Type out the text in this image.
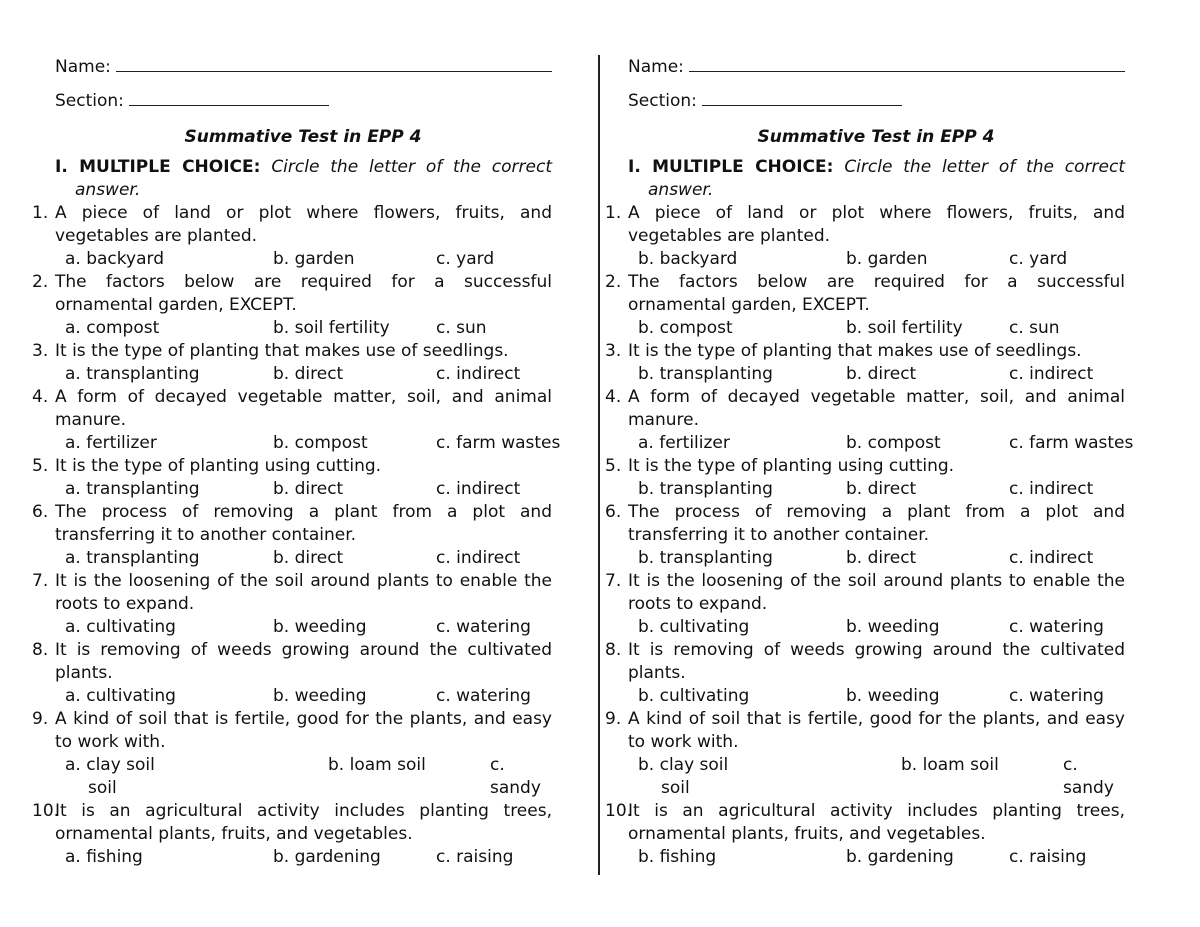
Name:
Section:
Summative Test in EPP 4
I. MULTIPLE CHOICE: Circle the letter of the correct answer.
1. A piece of land or plot where flowers, fruits, and vegetables are planted.
a. backyard	b. garden	c. yard
2. The factors below are required for a successful ornamental garden, EXCEPT.
a. compost	b. soil fertility	c. sun
3. It is the type of planting that makes use of seedlings.
a. transplanting	b. direct	c. indirect
4. A form of decayed vegetable matter, soil, and animal manure.
a. fertilizer	b. compost	c. farm wastes
5. It is the type of planting using cutting.
a. transplanting	b. direct	c. indirect
6. The process of removing a plant from a plot and transferring it to another container.
a. transplanting	b. direct	c. indirect
7. It is the loosening of the soil around plants to enable the roots to expand.
a. cultivating	b. weeding	c. watering
8. It is removing of weeds growing around the cultivated plants.
a. cultivating	b. weeding	c. watering
9. A kind of soil that is fertile, good for the plants, and easy to work with.
a. clay soil	b. loam soil	c. sandy
soil
10.
It is an agricultural activity includes planting trees, ornamental plants, fruits, and vegetables.
a. fishing	b. gardening	c. raising
Name:
Section:
Summative Test in EPP 4
I. MULTIPLE CHOICE: Circle the letter of the correct answer.
1. A piece of land or plot where flowers, fruits, and vegetables are planted.
b. backyard	b. garden	c. yard
2. The factors below are required for a successful ornamental garden, EXCEPT.
b. compost	b. soil fertility	c. sun
3. It is the type of planting that makes use of seedlings.
b. transplanting	b. direct	c. indirect
4. A form of decayed vegetable matter, soil, and animal manure.
a. fertilizer	b. compost	c. farm wastes
5. It is the type of planting using cutting.
b. transplanting	b. direct	c. indirect
6. The process of removing a plant from a plot and transferring it to another container.
b. transplanting	b. direct	c. indirect
7. It is the loosening of the soil around plants to enable the roots to expand.
b. cultivating	b. weeding	c. watering
8. It is removing of weeds growing around the cultivated plants.
b. cultivating	b. weeding	c. watering
9. A kind of soil that is fertile, good for the plants, and easy to work with.
b. clay soil	b. loam soil	c. sandy
soil
10.
It is an agricultural activity includes planting trees, ornamental plants, fruits, and vegetables.
b. fishing	b. gardening	c. raising
